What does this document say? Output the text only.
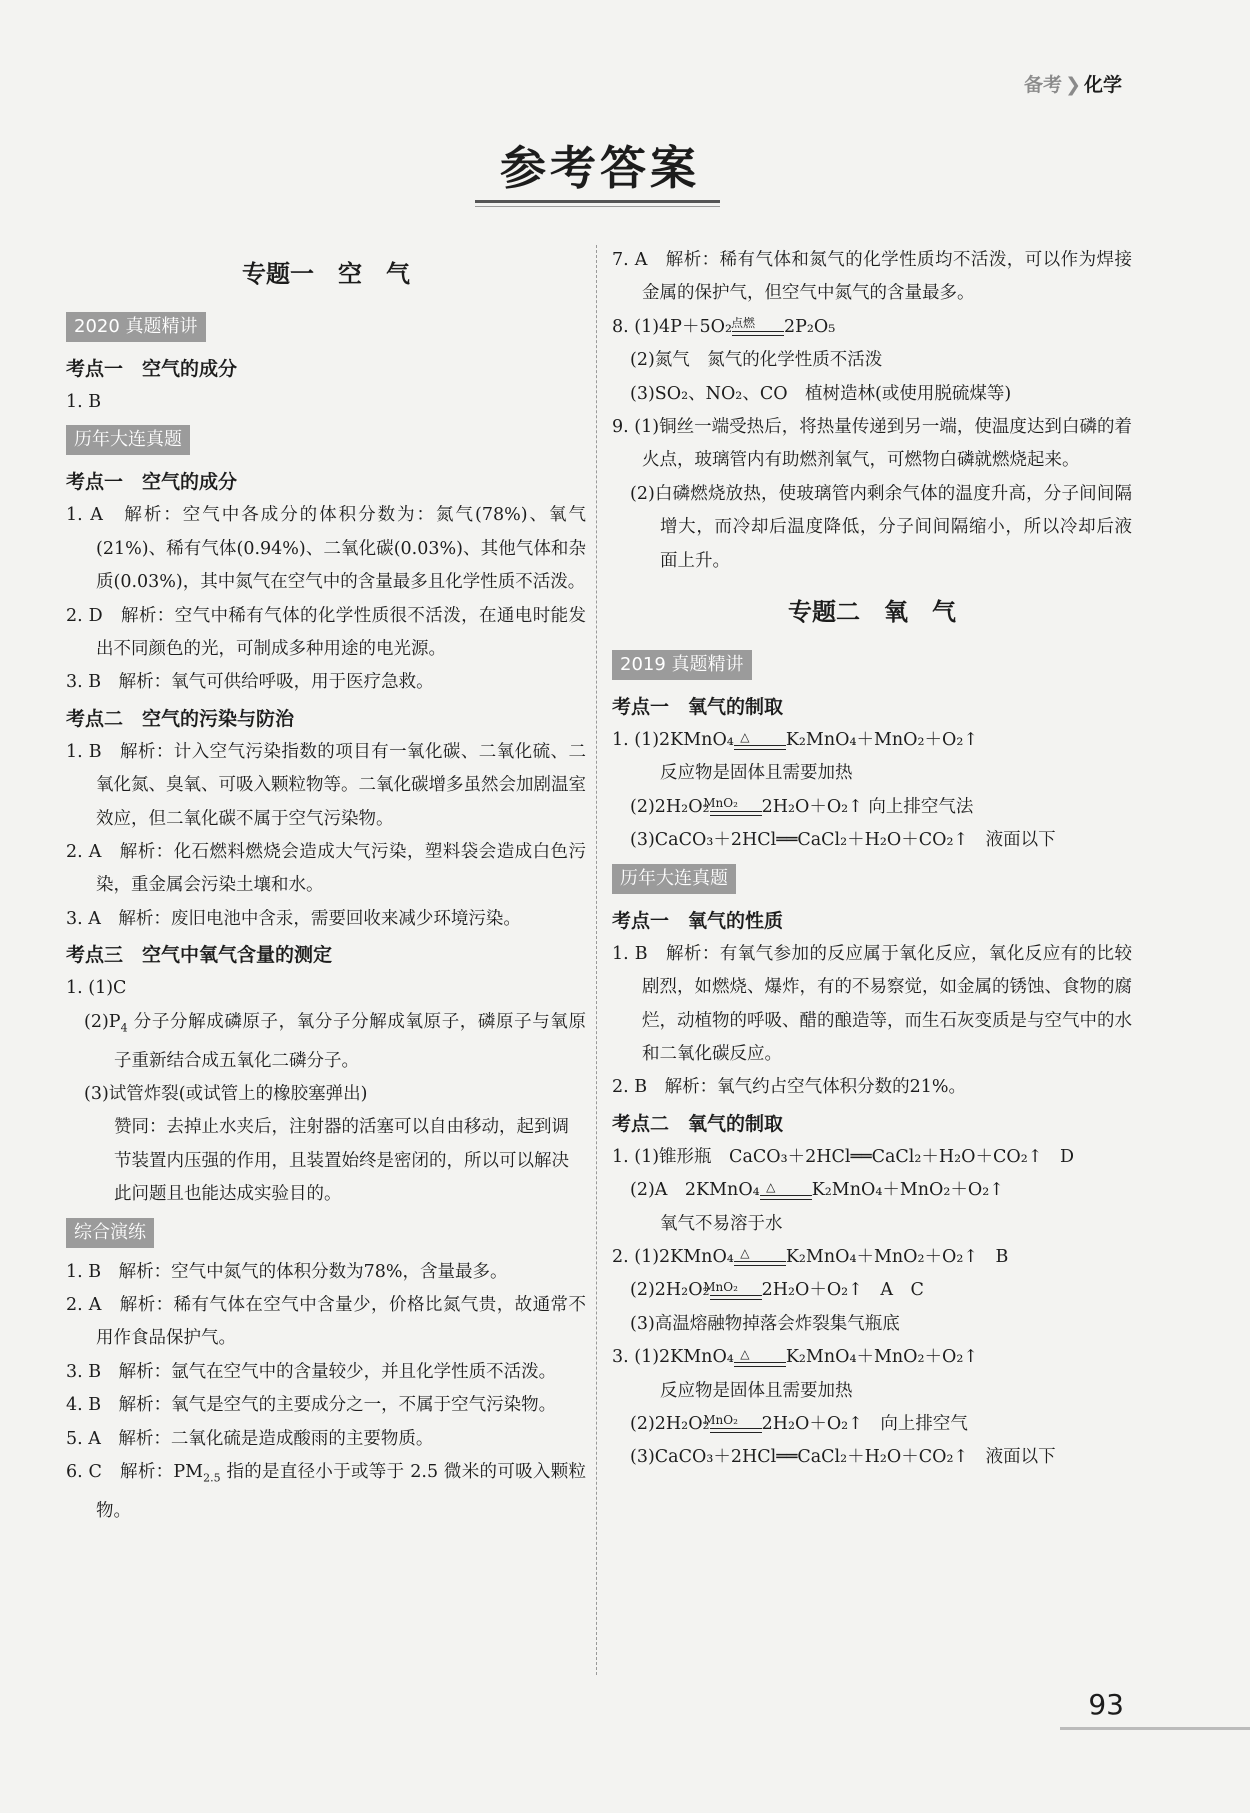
备考 ❯ 化学
参考答案
专题一　空　气
2020 真题精讲
考点一　空气的成分
1. B
历年大连真题
考点一　空气的成分
1. A　解析：空气中各成分的体积分数为：氮气(78%)、氧气(21%)、稀有气体(0.94%)、二氧化碳(0.03%)、其他气体和杂质(0.03%)，其中氮气在空气中的含量最多且化学性质不活泼。
2. D　解析：空气中稀有气体的化学性质很不活泼，在通电时能发出不同颜色的光，可制成多种用途的电光源。
3. B　解析：氧气可供给呼吸，用于医疗急救。
考点二　空气的污染与防治
1. B　解析：计入空气污染指数的项目有一氧化碳、二氧化硫、二氧化氮、臭氧、可吸入颗粒物等。二氧化碳增多虽然会加剧温室效应，但二氧化碳不属于空气污染物。
2. A　解析：化石燃料燃烧会造成大气污染，塑料袋会造成白色污染，重金属会污染土壤和水。
3. A　解析：废旧电池中含汞，需要回收来减少环境污染。
考点三　空气中氧气含量的测定
1. (1)C
$(2)P_4$ 分子分解成磷原子，氧分子分解成氧原子，磷原子与氧原子重新结合成五氧化二磷分子。
(3)试管炸裂(或试管上的橡胶塞弹出)
赞同：去掉止水夹后，注射器的活塞可以自由移动，起到调节装置内压强的作用，且装置始终是密闭的，所以可以解决此问题且也能达成实验目的。
综合演练
1. B　解析：空气中氮气的体积分数为78%，含量最多。
2. A　解析：稀有气体在空气中含量少，价格比氮气贵，故通常不用作食品保护气。
3. B　解析：氩气在空气中的含量较少，并且化学性质不活泼。
4. B　解析：氧气是空气的主要成分之一，不属于空气污染物。
5. A　解析：二氧化硫是造成酸雨的主要物质。
6. C　解析：$PM_{2.5}$ 指的是直径小于或等于 2.5 微米的可吸入颗粒物。
7. A　解析：稀有气体和氮气的化学性质均不活泼，可以作为焊接金属的保护气，但空气中氮气的含量最多。
8. (1)4P＋5O₂点燃 2P₂O₅
(2)氮气　氮气的化学性质不活泼
(3)SO₂、NO₂、CO　植树造林(或使用脱硫煤等)
9. (1)铜丝一端受热后，将热量传递到另一端，使温度达到白磷的着火点，玻璃管内有助燃剂氧气，可燃物白磷就燃烧起来。
(2)白磷燃烧放热，使玻璃管内剩余气体的温度升高，分子间间隔增大，而冷却后温度降低，分子间间隔缩小，所以冷却后液面上升。
专题二　氧　气
2019 真题精讲
考点一　氧气的制取
1. (1)2KMnO₄ △ K₂MnO₄＋MnO₂＋O₂↑
反应物是固体且需要加热
(2)2H₂O₂MnO₂ 2H₂O＋O₂↑ 向上排空气法
(3)CaCO₃＋2HCl══CaCl₂＋H₂O＋CO₂↑　液面以下
历年大连真题
考点一　氧气的性质
1. B　解析：有氧气参加的反应属于氧化反应，氧化反应有的比较剧烈，如燃烧、爆炸，有的不易察觉，如金属的锈蚀、食物的腐烂，动植物的呼吸、醋的酿造等，而生石灰变质是与空气中的水和二氧化碳反应。
2. B　解析：氧气约占空气体积分数的21%。
考点二　氧气的制取
1. (1)锥形瓶　CaCO₃＋2HCl══CaCl₂＋H₂O＋CO₂↑　D
(2)A　2KMnO₄ △ K₂MnO₄＋MnO₂＋O₂↑
氧气不易溶于水
2. (1)2KMnO₄ △ K₂MnO₄＋MnO₂＋O₂↑　B
(2)2H₂O₂MnO₂ 2H₂O＋O₂↑　A　C
(3)高温熔融物掉落会炸裂集气瓶底
3. (1)2KMnO₄ △ K₂MnO₄＋MnO₂＋O₂↑
反应物是固体且需要加热
(2)2H₂O₂MnO₂ 2H₂O＋O₂↑　向上排空气
(3)CaCO₃＋2HCl══CaCl₂＋H₂O＋CO₂↑　液面以下
93
